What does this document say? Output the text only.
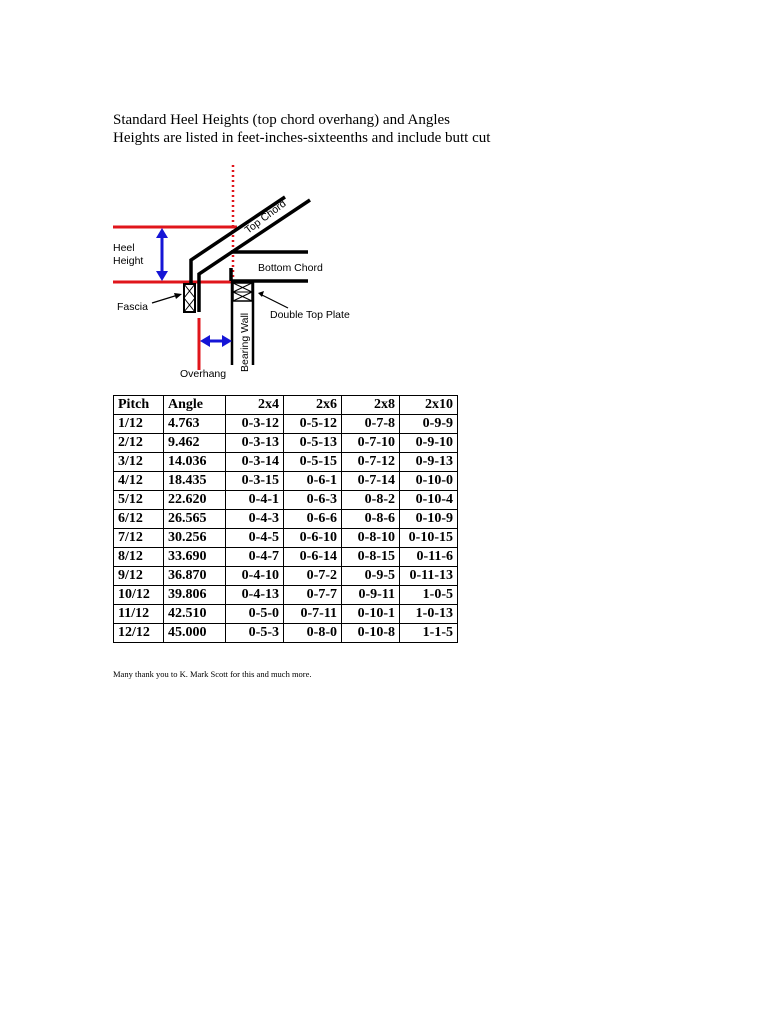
Standard Heel Heights (top chord overhang) and Angles
Heights are listed in feet-inches-sixteenths and include butt cut
Top Chord
Heel
Height
Bottom Chord
Fascia
Double Top Plate
Bearing Wall
Overhang
Pitch	Angle	2x4	2x6	2x8	2x10
1/12	4.763	0-3-12	0-5-12	0-7-8	0-9-9
2/12	9.462	0-3-13	0-5-13	0-7-10	0-9-10
3/12	14.036	0-3-14	0-5-15	0-7-12	0-9-13
4/12	18.435	0-3-15	0-6-1	0-7-14	0-10-0
5/12	22.620	0-4-1	0-6-3	0-8-2	0-10-4
6/12	26.565	0-4-3	0-6-6	0-8-6	0-10-9
7/12	30.256	0-4-5	0-6-10	0-8-10	0-10-15
8/12	33.690	0-4-7	0-6-14	0-8-15	0-11-6
9/12	36.870	0-4-10	0-7-2	0-9-5	0-11-13
10/12	39.806	0-4-13	0-7-7	0-9-11	1-0-5
11/12	42.510	0-5-0	0-7-11	0-10-1	1-0-13
12/12	45.000	0-5-3	0-8-0	0-10-8	1-1-5
Many thank you to K. Mark Scott for this and much more.
